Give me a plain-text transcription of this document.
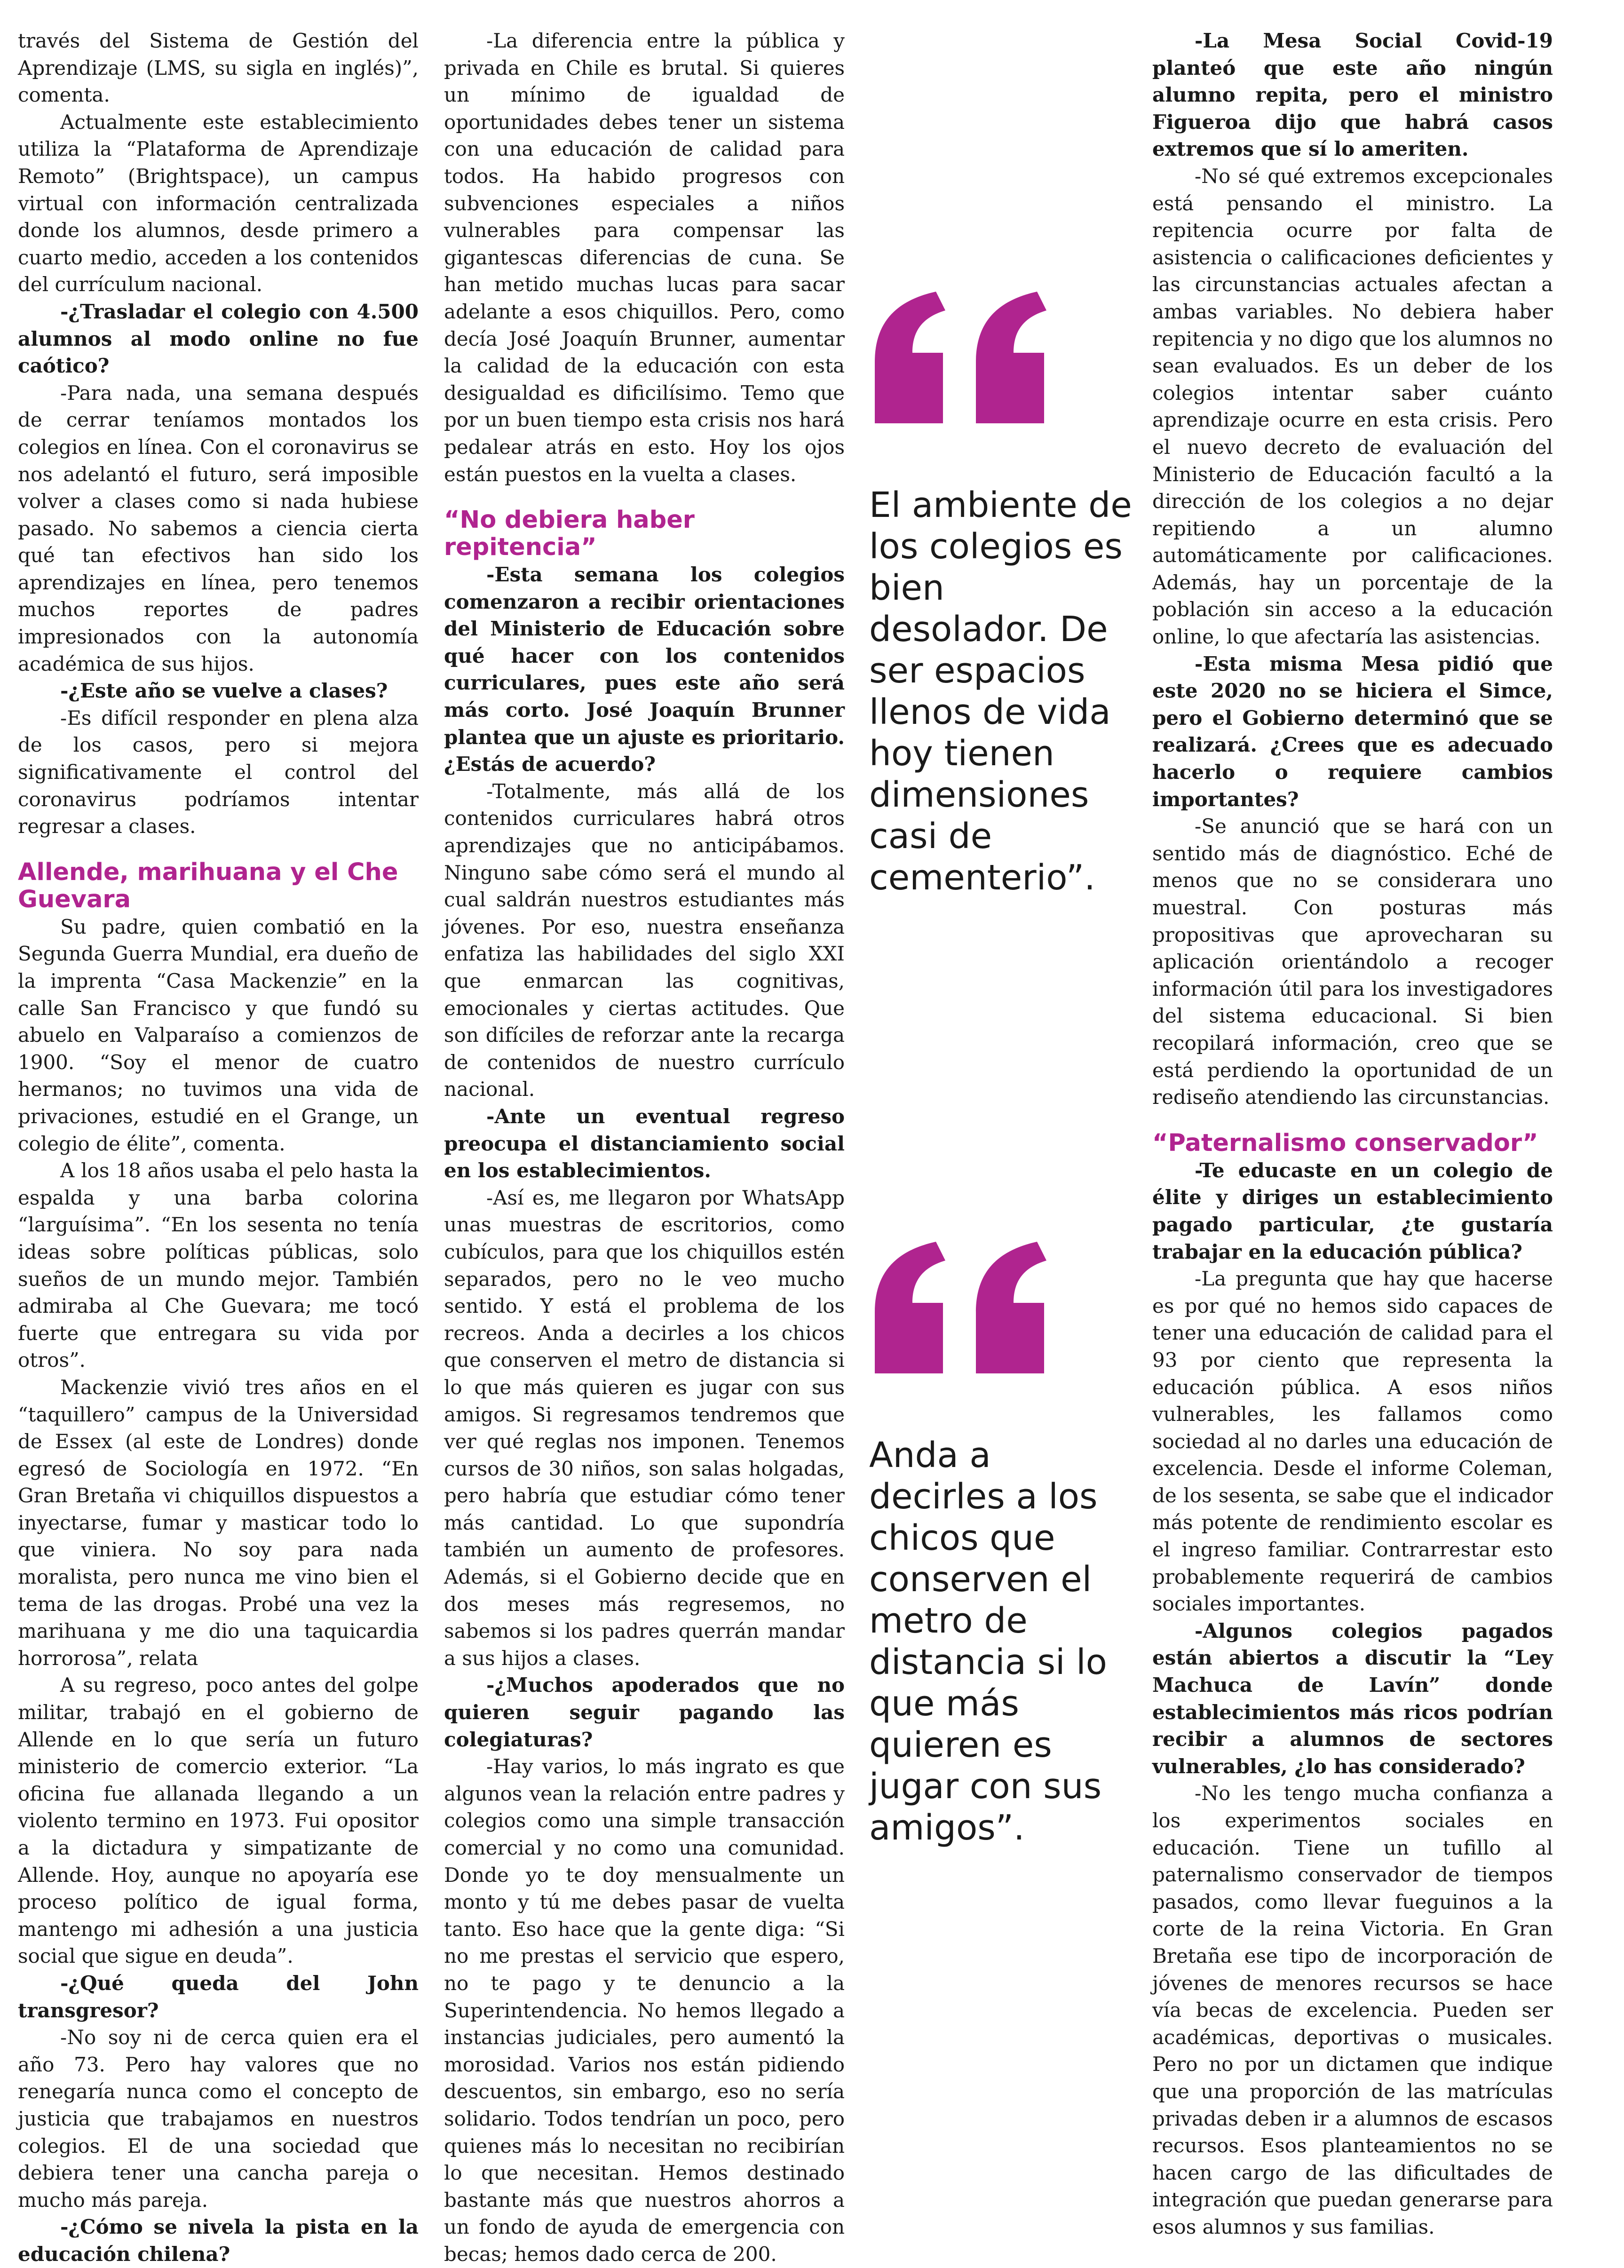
través del Sistema de Gestión del Aprendizaje (LMS, su sigla en inglés)”, comenta.

Actualmente este establecimiento utiliza la “Plataforma de Aprendizaje Remoto” (Brightspace), un campus virtual con información centralizada donde los alumnos, desde primero a cuarto medio, acceden a los contenidos del currículum nacional.

-¿Trasladar el colegio con 4.500 alumnos al modo online no fue caótico?

-Para nada, una semana después de cerrar teníamos montados los colegios en línea. Con el coronavirus se nos adelantó el futuro, será imposible volver a clases como si nada hubiese pasado. No sabemos a ciencia cierta qué tan efectivos han sido los aprendizajes en línea, pero tenemos muchos reportes de padres impresionados con la autonomía académica de sus hijos.

-¿Este año se vuelve a clases?

-Es difícil responder en plena alza de los casos, pero si mejora significativamente el control del coronavirus podríamos intentar regresar a clases.

Allende, marihuana y el Che Guevara

Su padre, quien combatió en la Segunda Guerra Mundial, era dueño de la imprenta “Casa Mackenzie” en la calle San Francisco y que fundó su abuelo en Valparaíso a comienzos de 1900. “Soy el menor de cuatro hermanos; no tuvimos una vida de privaciones, estudié en el Grange, un colegio de élite”, comenta.

A los 18 años usaba el pelo hasta la espalda y una barba colorina “larguísima”. “En los sesenta no tenía ideas sobre políticas públicas, solo sueños de un mundo mejor. También admiraba al Che Guevara; me tocó fuerte que entregara su vida por otros”.

Mackenzie vivió tres años en el “taquillero” campus de la Universidad de Essex (al este de Londres) donde egresó de Sociología en 1972. “En Gran Bretaña vi chiquillos dispuestos a inyectarse, fumar y masticar todo lo que viniera. No soy para nada moralista, pero nunca me vino bien el tema de las drogas. Probé una vez la marihuana y me dio una taquicardia horrorosa”, relata

A su regreso, poco antes del golpe militar, trabajó en el gobierno de Allende en lo que sería un futuro ministerio de comercio exterior. “La oficina fue allanada llegando a un violento termino en 1973. Fui opositor a la dictadura y simpatizante de Allende. Hoy, aunque no apoyaría ese proceso político de igual forma, mantengo mi adhesión a una justicia social que sigue en deuda”.

-¿Qué queda del John transgresor?

-No soy ni de cerca quien era el año 73. Pero hay valores que no renegaría nunca como el concepto de justicia que trabajamos en nuestros colegios. El de una sociedad que debiera tener una cancha pareja o mucho más pareja.

-¿Cómo se nivela la pista en la educación chilena?

-La diferencia entre la pública y privada en Chile es brutal. Si quieres un mínimo de igualdad de oportunidades debes tener un sistema con una educación de calidad para todos. Ha habido progresos con subvenciones especiales a niños vulnerables para compensar las gigantescas diferencias de cuna. Se han metido muchas lucas para sacar adelante a esos chiquillos. Pero, como decía José Joaquín Brunner, aumentar la calidad de la educación con esta desigualdad es dificilísimo. Temo que por un buen tiempo esta crisis nos hará pedalear atrás en esto. Hoy los ojos están puestos en la vuelta a clases.

“No debiera haber repitencia”

-Esta semana los colegios comenzaron a recibir orientaciones del Ministerio de Educación sobre qué hacer con los contenidos curriculares, pues este año será más corto. José Joaquín Brunner plantea que un ajuste es prioritario. ¿Estás de acuerdo?

-Totalmente, más allá de los contenidos curriculares habrá otros aprendizajes que no anticipábamos. Ninguno sabe cómo será el mundo al cual saldrán nuestros estudiantes más jóvenes. Por eso, nuestra enseñanza enfatiza las habilidades del siglo XXI que enmarcan las cognitivas, emocionales y ciertas actitudes. Que son difíciles de reforzar ante la recarga de contenidos de nuestro currículo nacional.

-Ante un eventual regreso preocupa el distanciamiento social en los establecimientos.

-Así es, me llegaron por WhatsApp unas muestras de escritorios, como cubículos, para que los chiquillos estén separados, pero no le veo mucho sentido. Y está el problema de los recreos. Anda a decirles a los chicos que conserven el metro de distancia si lo que más quieren es jugar con sus amigos. Si regresamos tendremos que ver qué reglas nos imponen. Tenemos cursos de 30 niños, son salas holgadas, pero habría que estudiar cómo tener más cantidad. Lo que supondría también un aumento de profesores. Además, si el Gobierno decide que en dos meses más regresemos, no sabemos si los padres querrán mandar a sus hijos a clases.

-¿Muchos apoderados que no quieren seguir pagando las colegiaturas?

-Hay varios, lo más ingrato es que algunos vean la relación entre padres y colegios como una simple transacción comercial y no como una comunidad. Donde yo te doy mensualmente un monto y tú me debes pasar de vuelta tanto. Eso hace que la gente diga: “Si no me prestas el servicio que espero, no te pago y te denuncio a la Superintendencia. No hemos llegado a instancias judiciales, pero aumentó la morosidad. Varios nos están pidiendo descuentos, sin embargo, eso no sería solidario. Todos tendrían un poco, pero quienes más lo necesitan no recibirían lo que necesitan. Hemos destinado bastante más que nuestros ahorros a un fondo de ayuda de emergencia con becas; hemos dado cerca de 200.

El ambiente de los colegios es bien desolador. De ser espacios llenos de vida hoy tienen dimensiones casi de cementerio”.
Anda a decirles a los chicos que conserven el metro de distancia si lo que más quieren es jugar con sus amigos”.

-La Mesa Social Covid-19 planteó que este año ningún alumno repita, pero el ministro Figueroa dijo que habrá casos extremos que sí lo ameriten.

-No sé qué extremos excepcionales está pensando el ministro. La repitencia ocurre por falta de asistencia o calificaciones deficientes y las circunstancias actuales afectan a ambas variables. No debiera haber repitencia y no digo que los alumnos no sean evaluados. Es un deber de los colegios intentar saber cuánto aprendizaje ocurre en esta crisis. Pero el nuevo decreto de evaluación del Ministerio de Educación facultó a la dirección de los colegios a no dejar repitiendo a un alumno automáticamente por calificaciones. Además, hay un porcentaje de la población sin acceso a la educación online, lo que afectaría las asistencias.

-Esta misma Mesa pidió que este 2020 no se hiciera el Simce, pero el Gobierno determinó que se realizará. ¿Crees que es adecuado hacerlo o requiere cambios importantes?

-Se anunció que se hará con un sentido más de diagnóstico. Eché de menos que no se considerara uno muestral. Con posturas más propositivas que aprovecharan su aplicación orientándolo a recoger información útil para los investigadores del sistema educacional. Si bien recopilará información, creo que se está perdiendo la oportunidad de un rediseño atendiendo las circunstancias.

“Paternalismo conservador”

-Te educaste en un colegio de élite y diriges un establecimiento pagado particular, ¿te gustaría trabajar en la educación pública?

-La pregunta que hay que hacerse es por qué no hemos sido capaces de tener una educación de calidad para el 93 por ciento que representa la educación pública. A esos niños vulnerables, les fallamos como sociedad al no darles una educación de excelencia. Desde el informe Coleman, de los sesenta, se sabe que el indicador más potente de rendimiento escolar es el ingreso familiar. Contrarrestar esto probablemente requerirá de cambios sociales importantes.

-Algunos colegios pagados están abiertos a discutir la “Ley Machuca de Lavín” donde establecimientos más ricos podrían recibir a alumnos de sectores vulnerables, ¿lo has considerado?

-No les tengo mucha confianza a los experimentos sociales en educación. Tiene un tufillo al paternalismo conservador de tiempos pasados, como llevar fueguinos a la corte de la reina Victoria. En Gran Bretaña ese tipo de incorporación de jóvenes de menores recursos se hace vía becas de excelencia. Pueden ser académicas, deportivas o musicales. Pero no por un dictamen que indique que una proporción de las matrículas privadas deben ir a alumnos de escasos recursos. Esos planteamientos no se hacen cargo de las dificultades de integración que puedan generarse para esos alumnos y sus familias.
